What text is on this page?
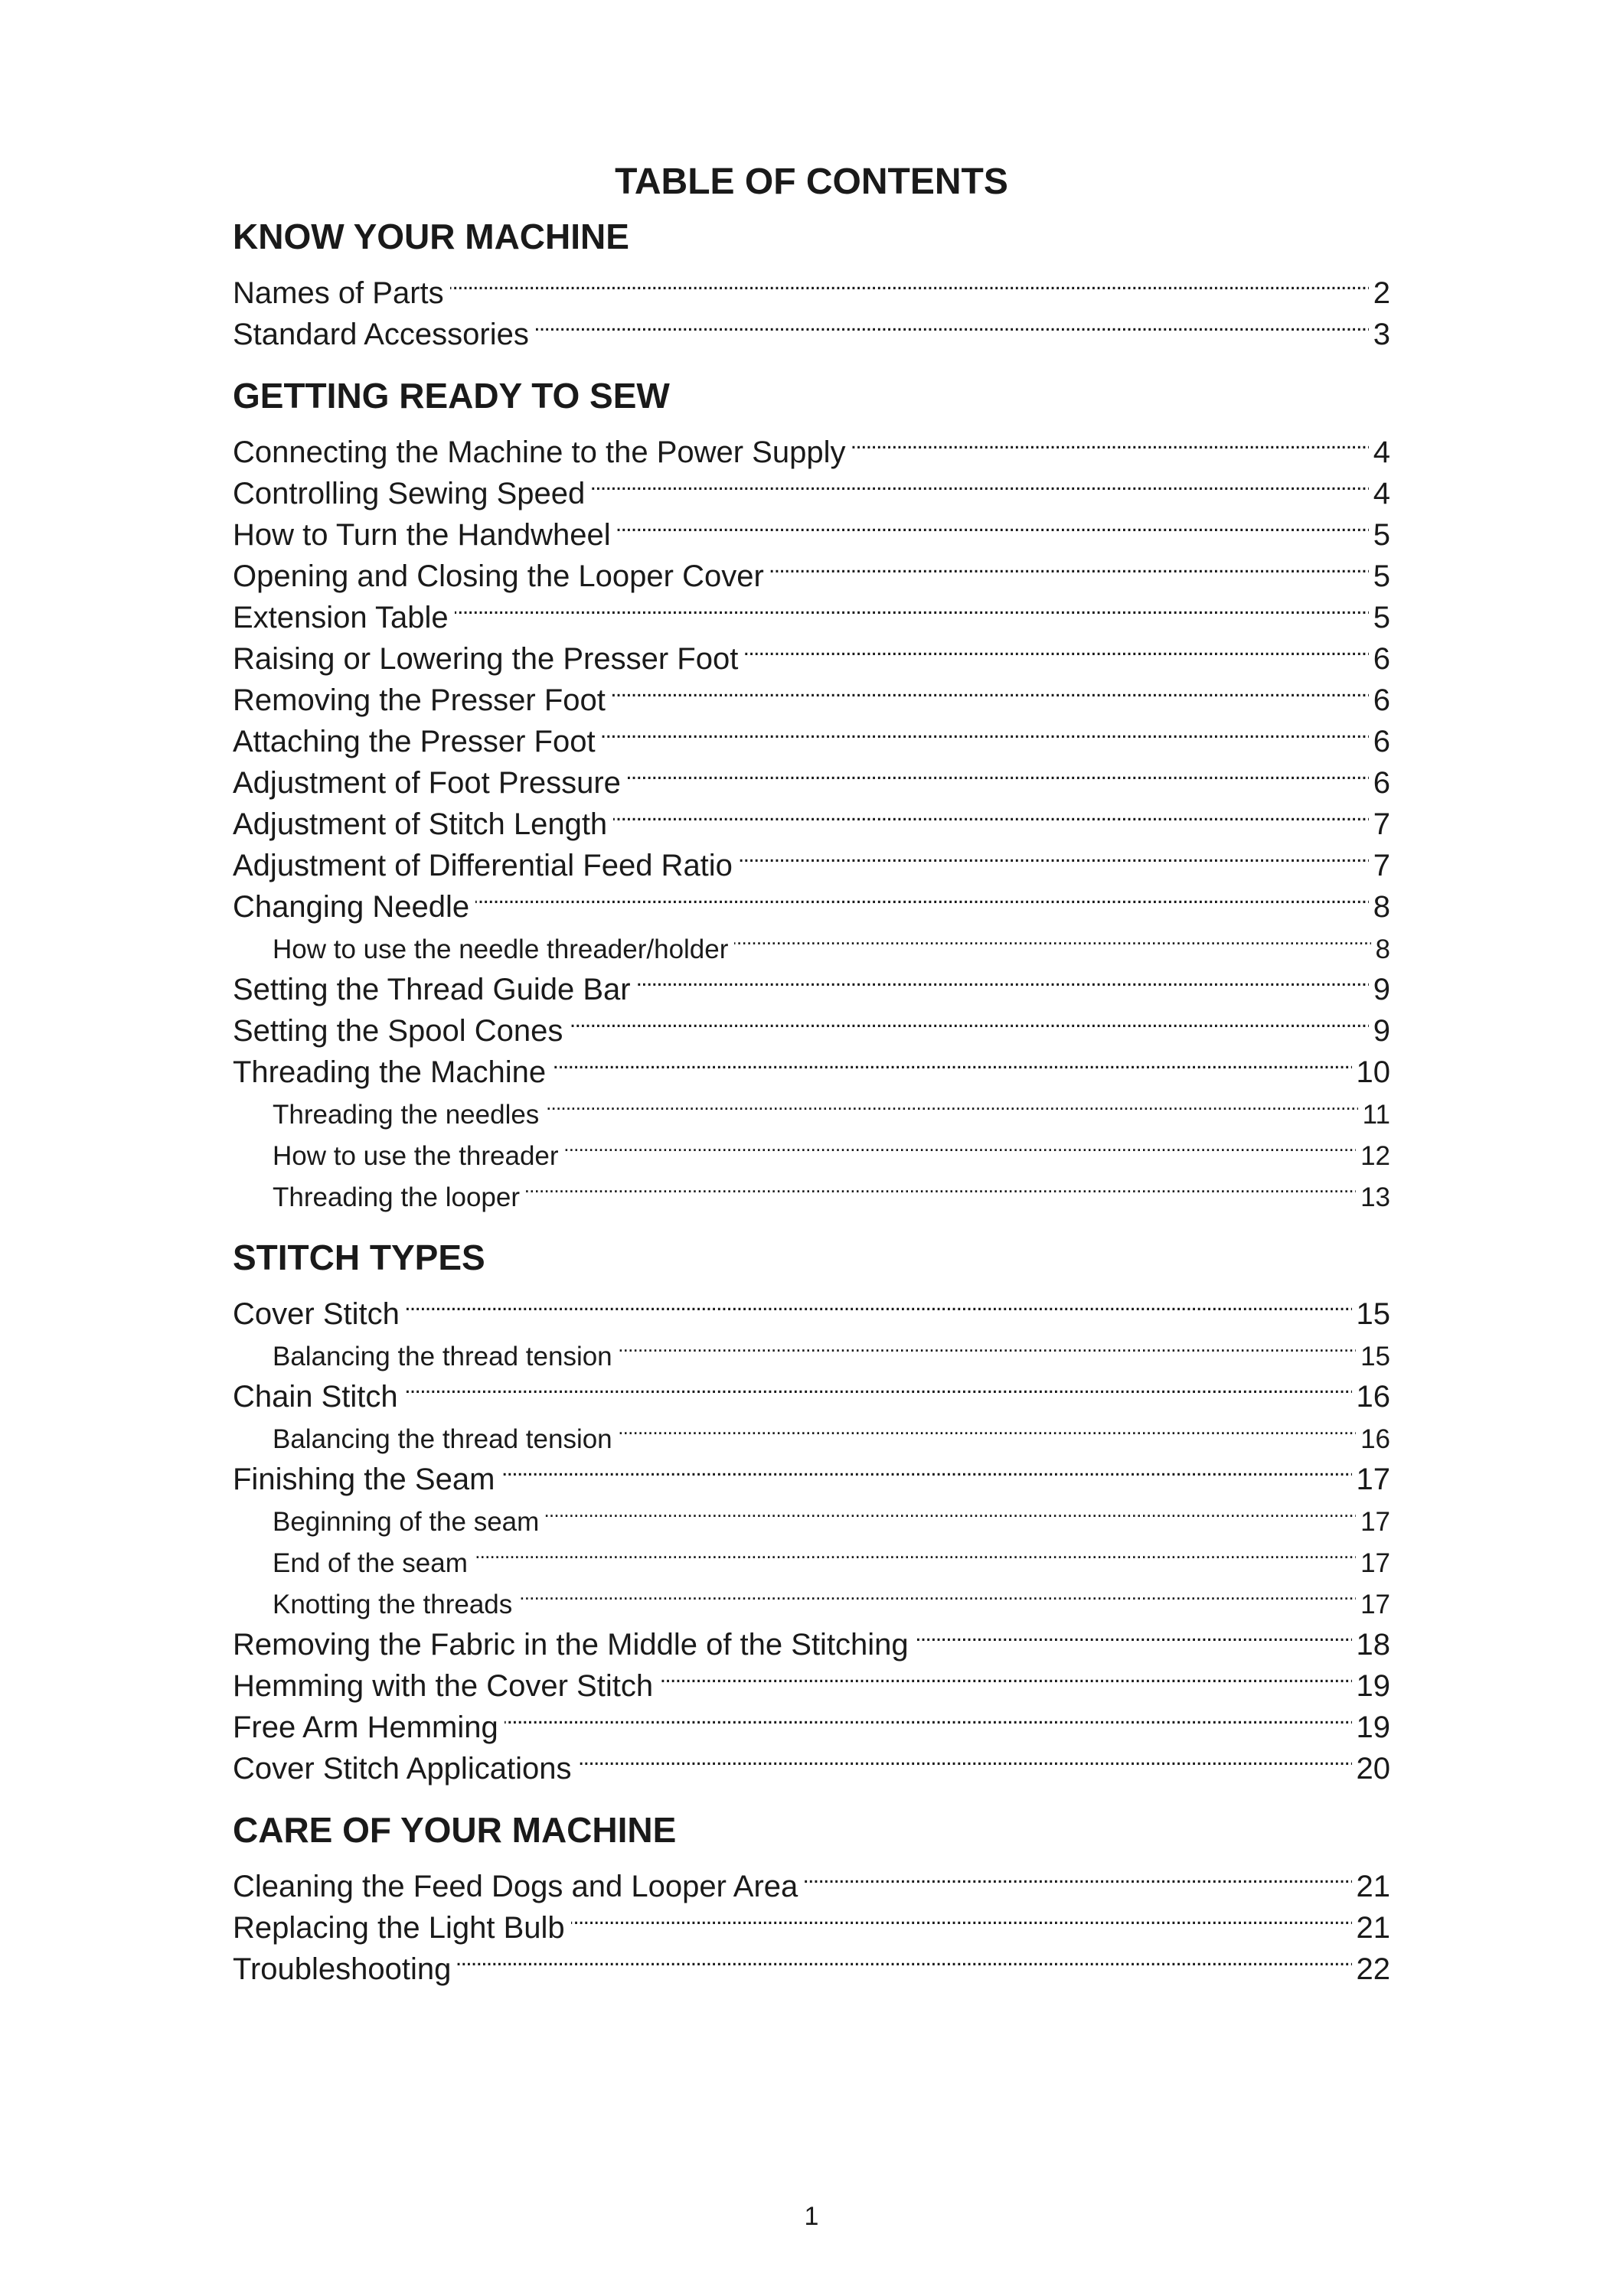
TABLE OF CONTENTS
KNOW YOUR MACHINE
Names of Parts . . .	2
Standard Accessories . . .	3
GETTING READY TO SEW
Connecting the Machine to the Power Supply . . .	4
Controlling Sewing Speed . . .	4
How to Turn the Handwheel . . .	5
Opening and Closing the Looper Cover . . .	5
Extension Table . . .	5
Raising or Lowering the Presser Foot . . .	6
Removing the Presser Foot . . .	6
Attaching the Presser Foot . . .	6
Adjustment of Foot Pressure . . .	6
Adjustment of Stitch Length . . .	7
Adjustment of Differential Feed Ratio . . .	7
Changing Needle . . .	8
How to use the needle threader/holder . . .	8
Setting the Thread Guide Bar . . .	9
Setting the Spool Cones . . .	9
Threading the Machine . . .	10
Threading the needles . . .	11
How to use the threader . . .	12
Threading the looper . . .	13
STITCH TYPES
Cover Stitch . . .	15
Balancing the thread tension . . .	15
Chain Stitch . . .	16
Balancing the thread tension . . .	16
Finishing the Seam . . .	17
Beginning of the seam . . .	17
End of the seam . . .	17
Knotting the threads . . .	17
Removing the Fabric in the Middle of the Stitching . . .	18
Hemming with the Cover Stitch . . .	19
Free Arm Hemming . . .	19
Cover Stitch Applications . . .	20
CARE OF YOUR MACHINE
Cleaning the Feed Dogs and Looper Area . . .	21
Replacing the Light Bulb . . .	21
Troubleshooting . . .	22
1
